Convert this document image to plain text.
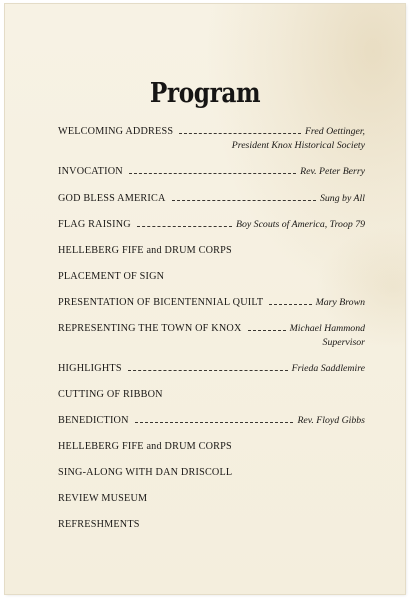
Program
WELCOMING ADDRESS	Fred Oettinger,
President Knox Historical Society
INVOCATION	Rev. Peter Berry
GOD BLESS AMERICA	Sung by All
FLAG RAISING	Boy Scouts of America, Troop 79
HELLEBERG FIFE and DRUM CORPS
PLACEMENT OF SIGN
PRESENTATION OF BICENTENNIAL QUILT	Mary Brown
REPRESENTING THE TOWN OF KNOX	Michael Hammond
Supervisor
HIGHLIGHTS	Frieda Saddlemire
CUTTING OF RIBBON
BENEDICTION	Rev. Floyd Gibbs
HELLEBERG FIFE and DRUM CORPS
SING-ALONG WITH DAN DRISCOLL
REVIEW MUSEUM
REFRESHMENTS
